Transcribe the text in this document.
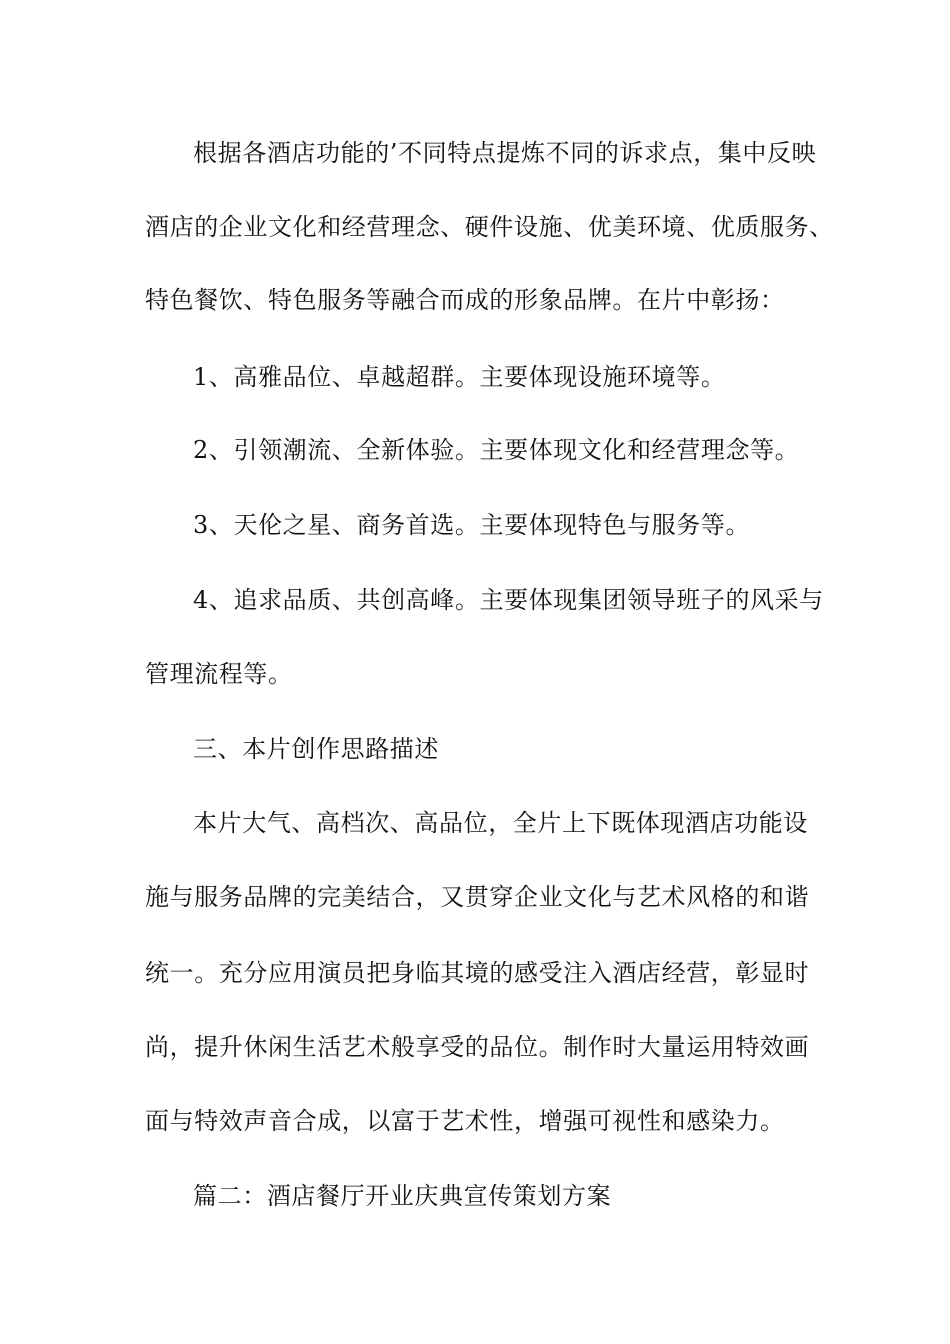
根据各酒店功能的’不同特点提炼不同的诉求点，集中反映
酒店的企业文化和经营理念、硬件设施、优美环境、优质服务、
特色餐饮、特色服务等融合而成的形象品牌。在片中彰扬：
1、高雅品位、卓越超群。主要体现设施环境等。
2、引领潮流、全新体验。主要体现文化和经营理念等。
3、天伦之星、商务首选。主要体现特色与服务等。
4、追求品质、共创高峰。主要体现集团领导班子的风采与
管理流程等。
三、本片创作思路描述
本片大气、高档次、高品位，全片上下既体现酒店功能设
施与服务品牌的完美结合，又贯穿企业文化与艺术风格的和谐
统一。充分应用演员把身临其境的感受注入酒店经营，彰显时
尚，提升休闲生活艺术般享受的品位。制作时大量运用特效画
面与特效声音合成，以富于艺术性，增强可视性和感染力。
篇二：酒店餐厅开业庆典宣传策划方案
